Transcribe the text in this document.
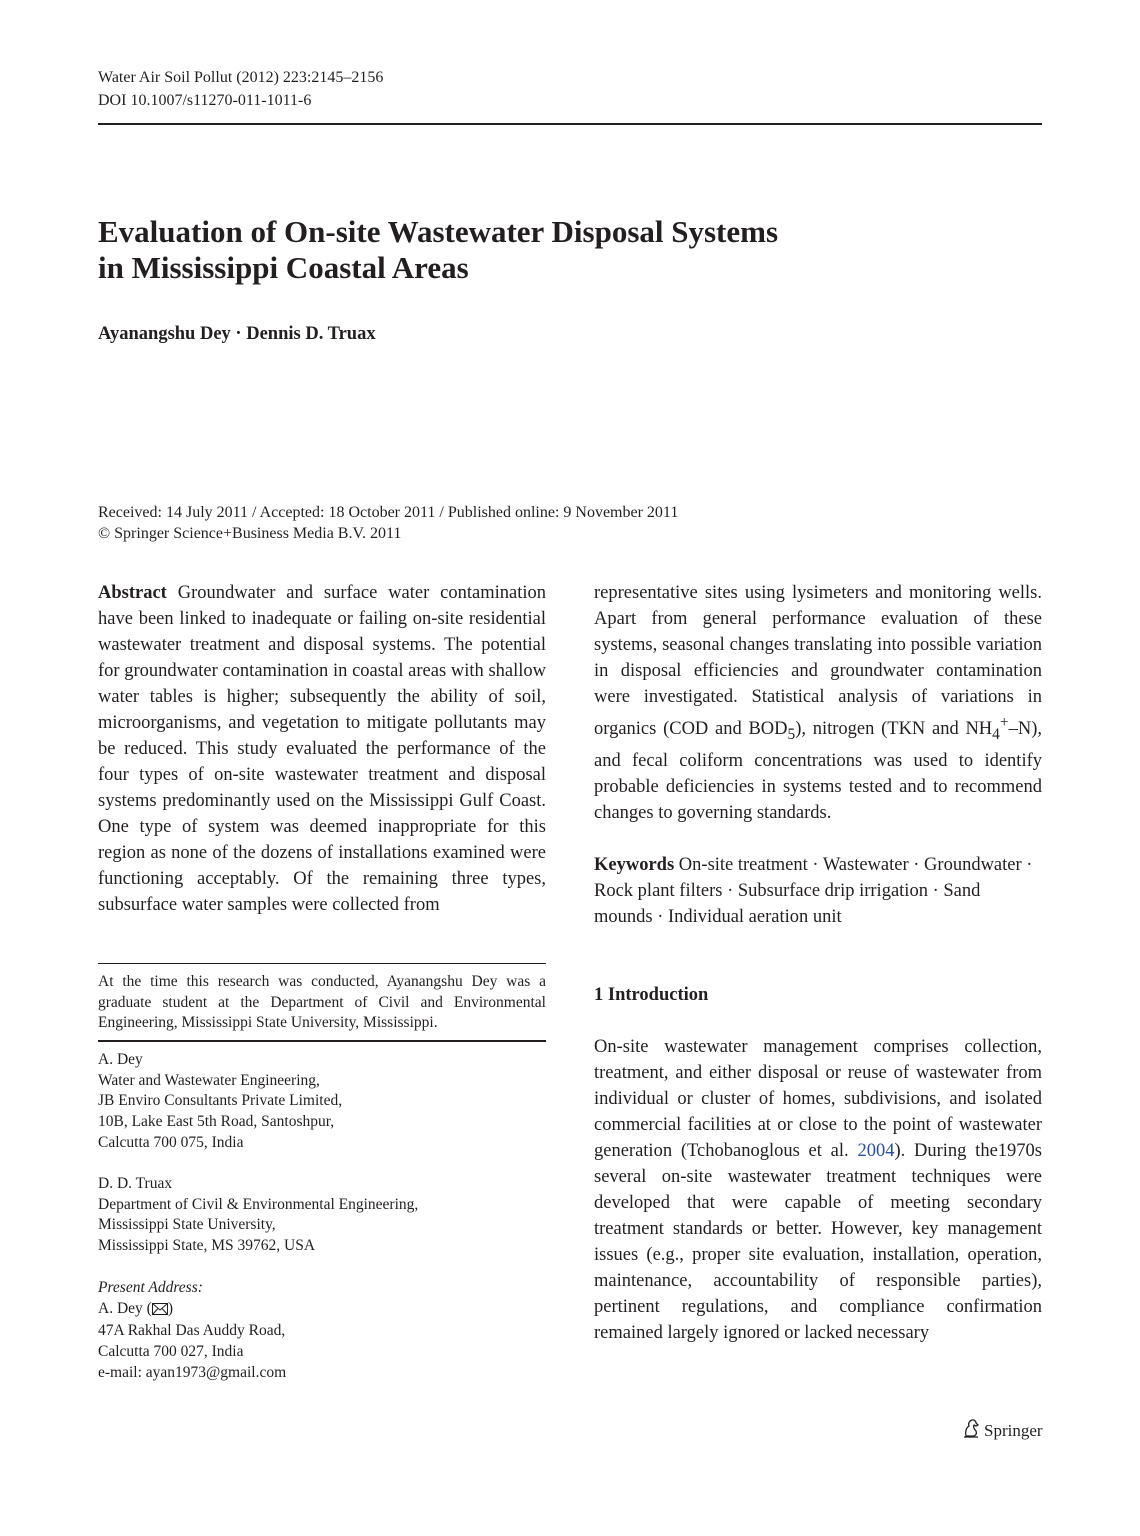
Water Air Soil Pollut (2012) 223:2145–2156
DOI 10.1007/s11270-011-1011-6
Evaluation of On-site Wastewater Disposal Systems
in Mississippi Coastal Areas
Ayanangshu Dey · Dennis D. Truax
Received: 14 July 2011 / Accepted: 18 October 2011 / Published online: 9 November 2011
© Springer Science+Business Media B.V. 2011

Abstract Groundwater and surface water contamination have been linked to inadequate or failing on-site residential wastewater treatment and disposal systems. The potential for groundwater contamination in coastal areas with shallow water tables is higher; subsequently the ability of soil, microorganisms, and vegetation to mitigate pollutants may be reduced. This study evaluated the performance of the four types of on-site wastewater treatment and disposal systems predominantly used on the Mississippi Gulf Coast. One type of system was deemed inappropriate for this region as none of the dozens of installations examined were functioning acceptably. Of the remaining three types, subsurface water samples were collected from

representative sites using lysimeters and monitoring wells. Apart from general performance evaluation of these systems, seasonal changes translating into possible variation in disposal efficiencies and groundwater contamination were investigated. Statistical analysis of variations in organics (COD and $BOD_5$), nitrogen (TKN and $NH_4^+-N$), and fecal coliform concentrations was used to identify probable deficiencies in systems tested and to recommend changes to governing standards.

Keywords On-site treatment · Wastewater · Groundwater · Rock plant filters · Subsurface drip irrigation · Sand mounds · Individual aeration unit

1 Introduction

On-site wastewater management comprises collection, treatment, and either disposal or reuse of wastewater from individual or cluster of homes, subdivisions, and isolated commercial facilities at or close to the point of wastewater generation (Tchobanoglous et al. 2004). During the1970s several on-site wastewater treatment techniques were developed that were capable of meeting secondary treatment standards or better. However, key management issues (e.g., proper site evaluation, installation, operation, maintenance, accountability of responsible parties), pertinent regulations, and compliance confirmation remained largely ignored or lacked necessary

At the time this research was conducted, Ayanangshu Dey was a graduate student at the Department of Civil and Environmental Engineering, Mississippi State University, Mississippi.
A. Dey
Water and Wastewater Engineering,
JB Enviro Consultants Private Limited,
10B, Lake East 5th Road, Santoshpur,
Calcutta 700 075, India
D. D. Truax
Department of Civil & Environmental Engineering,
Mississippi State University,
Mississippi State, MS 39762, USA
Present Address:
A. Dey ( )
47A Rakhal Das Auddy Road,
Calcutta 700 027, India
e-mail: ayan1973@gmail.com
Springer
